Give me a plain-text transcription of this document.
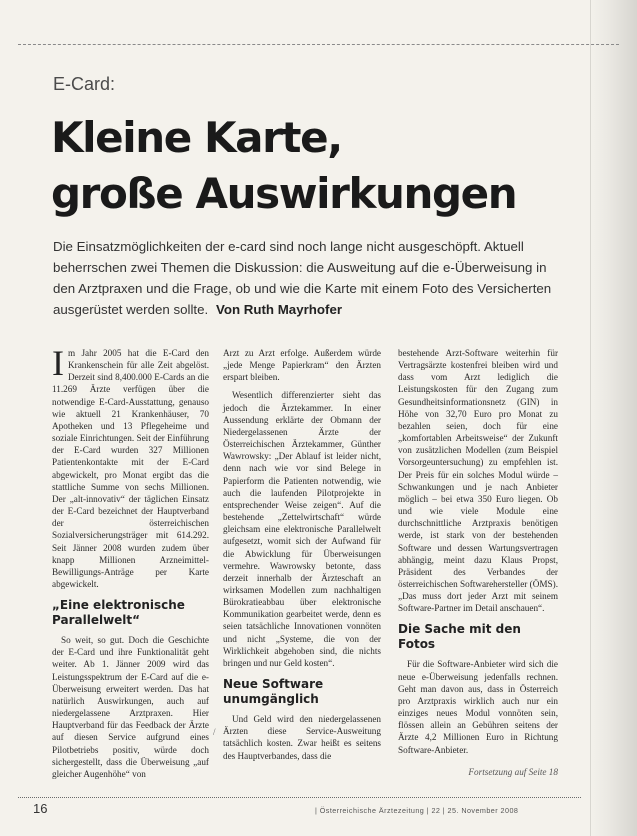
E-Card:
Kleine Karte,
große Auswirkungen

Die Einsatzmöglichkeiten der e-card sind noch lange nicht ausgeschöpft. Aktuell beherrschen zwei Themen die Diskussion: die Ausweitung auf die e-Überweisung in den Arztpraxen und die Frage, ob und wie die Karte mit einem Foto des Versicherten ausgerüstet werden sollte. Von Ruth Mayrhofer

Im Jahr 2005 hat die E-Card den Krankenschein für alle Zeit abgelöst. Derzeit sind 8,400.000 E-Cards an die 11.269 Ärzte verfügen über die notwendige E-Card-Ausstattung, genauso wie aktuell 21 Krankenhäuser, 70 Apotheken und 13 Pflegeheime und soziale Einrichtungen. Seit der Einführung der E-Card wurden 327 Millionen Patientenkontakte mit der E-Card abgewickelt, pro Monat ergibt das die stattliche Summe von sechs Millionen. Der „alt-innovativ“ der täglichen Einsatz der E-Card bezeichnet der Hauptverband der österreichischen Sozialversicherungsträger mit 614.292. Seit Jänner 2008 wurden zudem über knapp Millionen Arzneimittel-Bewilligungs-Anträge per Karte abgewickelt.

„Eine elektronische Parallelwelt“

So weit, so gut. Doch die Geschichte der E-Card und ihre Funktionalität geht weiter. Ab 1. Jänner 2009 wird das Leistungsspektrum der E-Card auf die e-Überweisung erweitert werden. Das hat natürlich Auswirkungen, auch auf niedergelassene Arztpraxen. Hier Hauptverband für das Feedback der Ärzte auf diesen Service aufgrund eines Pilotbetriebs positiv, würde doch sichergestellt, dass die Überweisung „auf gleicher Augenhöhe“ von

Arzt zu Arzt erfolge. Außerdem würde „jede Menge Papierkram“ den Ärzten erspart bleiben.

Wesentlich differenzierter sieht das jedoch die Ärztekammer. In einer Aussendung erklärte der Obmann der Niedergelassenen Ärzte der Österreichischen Ärztekammer, Günther Wawrowsky: „Der Ablauf ist leider nicht, denn nach wie vor sind Belege in Papierform die Patienten notwendig, wie auch die laufenden Pilotprojekte in entsprechender Weise zeigen“. Auf die bestehende „Zettelwirtschaft“ würde gleichsam eine elektronische Parallelwelt aufgesetzt, womit sich der Aufwand für die Abwicklung für Überweisungen vermehre. Wawrowsky betonte, dass derzeit innerhalb der Ärzteschaft an wirksamen Modellen zum nachhaltigen Bürokratieabbau über elektronische Kommunikation gearbeitet werde, denn es seien tatsächliche Innovationen vonnöten und nicht „Systeme, die von der Wirklichkeit abgehoben sind, die nichts bringen und nur Geld kosten“.

Neue Software unumgänglich

Und Geld wird den niedergelassenen Ärzten diese Service-Ausweitung tatsächlich kosten. Zwar heißt es seitens des Hauptverbandes, dass die

bestehende Arzt-Software weiterhin für Vertragsärzte kostenfrei bleiben wird und dass vom Arzt lediglich die Leistungskosten für den Zugang zum Gesundheitsinformationsnetz (GIN) in Höhe von 32,70 Euro pro Monat zu bezahlen seien, doch für eine „komfortablen Arbeitsweise“ der Zukunft von zusätzlichen Modellen (zum Beispiel Vorsorgeuntersuchung) zu empfehlen ist. Der Preis für ein solches Modul würde – Schwankungen und je nach Anbieter möglich – bei etwa 350 Euro liegen. Ob und wie viele Module eine durchschnittliche Arztpraxis benötigen werde, ist stark von der bestehenden Software und dessen Wartungsvertragen abhängig, meint dazu Klaus Propst, Präsident des Verbandes der österreichischen Softwarehersteller (ÖMS). „Das muss dort jeder Arzt mit seinem Software-Partner im Detail anschauen“.

Die Sache mit den Fotos

Für die Software-Anbieter wird sich die neue e-Überweisung jedenfalls rechnen. Geht man davon aus, dass in Österreich pro Arztpraxis wirklich auch nur ein einziges neues Modul vonnöten sein, flössen allein an Gebühren seitens der Ärzte 4,2 Millionen Euro in Richtung Software-Anbieter.

Fortsetzung auf Seite 18
/
16	| Österreichische Ärztezeitung | 22 | 25. November 2008
